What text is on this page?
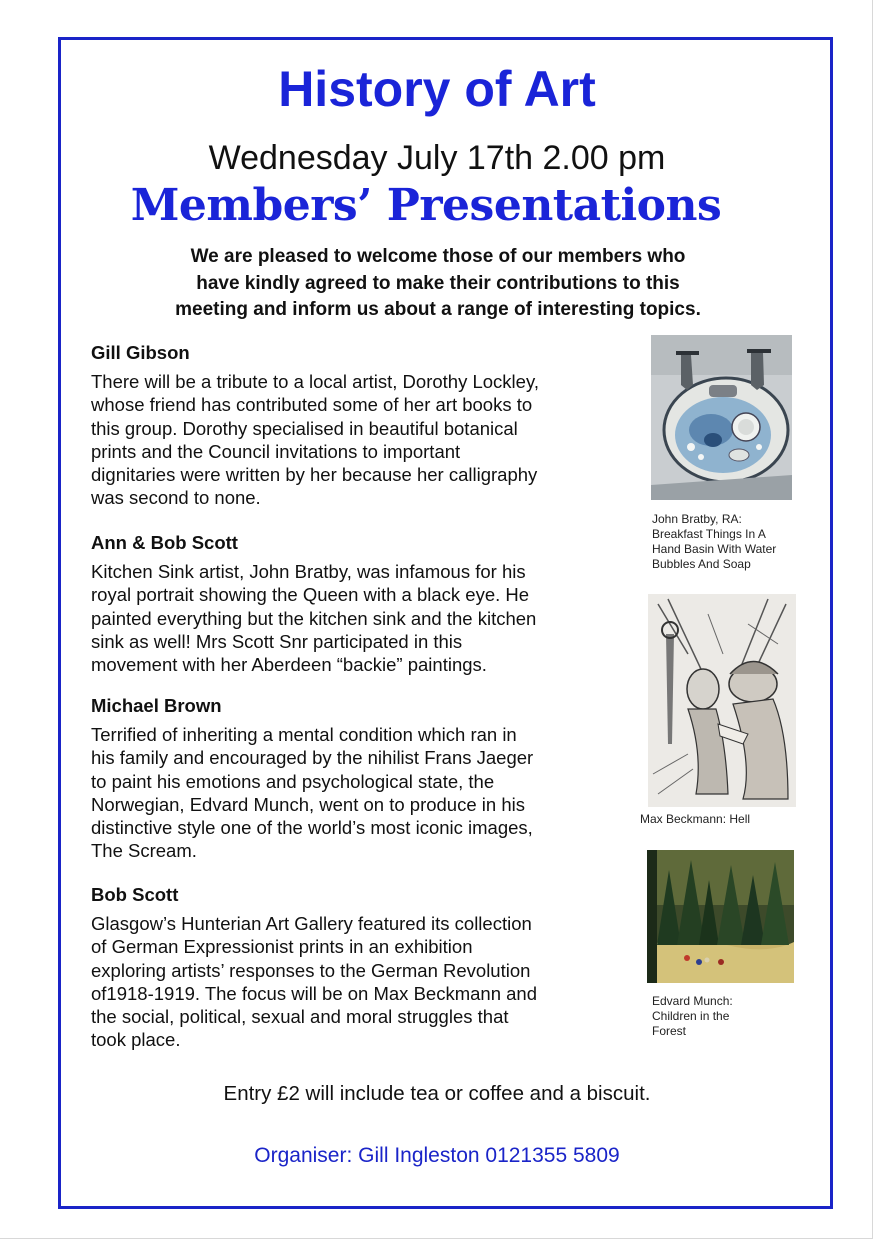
History of Art
Wednesday July 17th 2.00 pm
Members’ Presentations
We are pleased to welcome those of our members who
have kindly agreed to make their contributions to this
meeting and inform us about a range of interesting topics.
Gill Gibson
There will be a tribute to a local artist, Dorothy Lockley,
whose friend has contributed some of her art books to
this group. Dorothy specialised in beautiful botanical
prints and the Council invitations to important
dignitaries were written by her because her calligraphy
was second to none.
Ann & Bob Scott
Kitchen Sink artist, John Bratby, was infamous for his
royal portrait showing the Queen with a black eye. He
painted everything but the kitchen sink and the kitchen
sink as well! Mrs Scott Snr participated in this
movement with her Aberdeen “backie” paintings.
Michael Brown
Terrified of inheriting a mental condition which ran in
his family and encouraged by the nihilist Frans Jaeger
to paint his emotions and psychological state, the
Norwegian, Edvard Munch, went on to produce in his
distinctive style one of the world’s most iconic images,
The Scream.
Bob Scott
Glasgow’s Hunterian Art Gallery featured its collection
of German Expressionist prints in an exhibition
exploring artists’ responses to the German Revolution
of1918-1919. The focus will be on Max Beckmann and
the social, political, sexual and moral struggles that
took place.
John Bratby, RA:
Breakfast Things In A
Hand Basin With Water
Bubbles And Soap
Max Beckmann: Hell
Edvard Munch:
Children in the
Forest

Entry £2 will include tea or coffee and a biscuit.

Organiser: Gill Ingleston 0121355 5809
